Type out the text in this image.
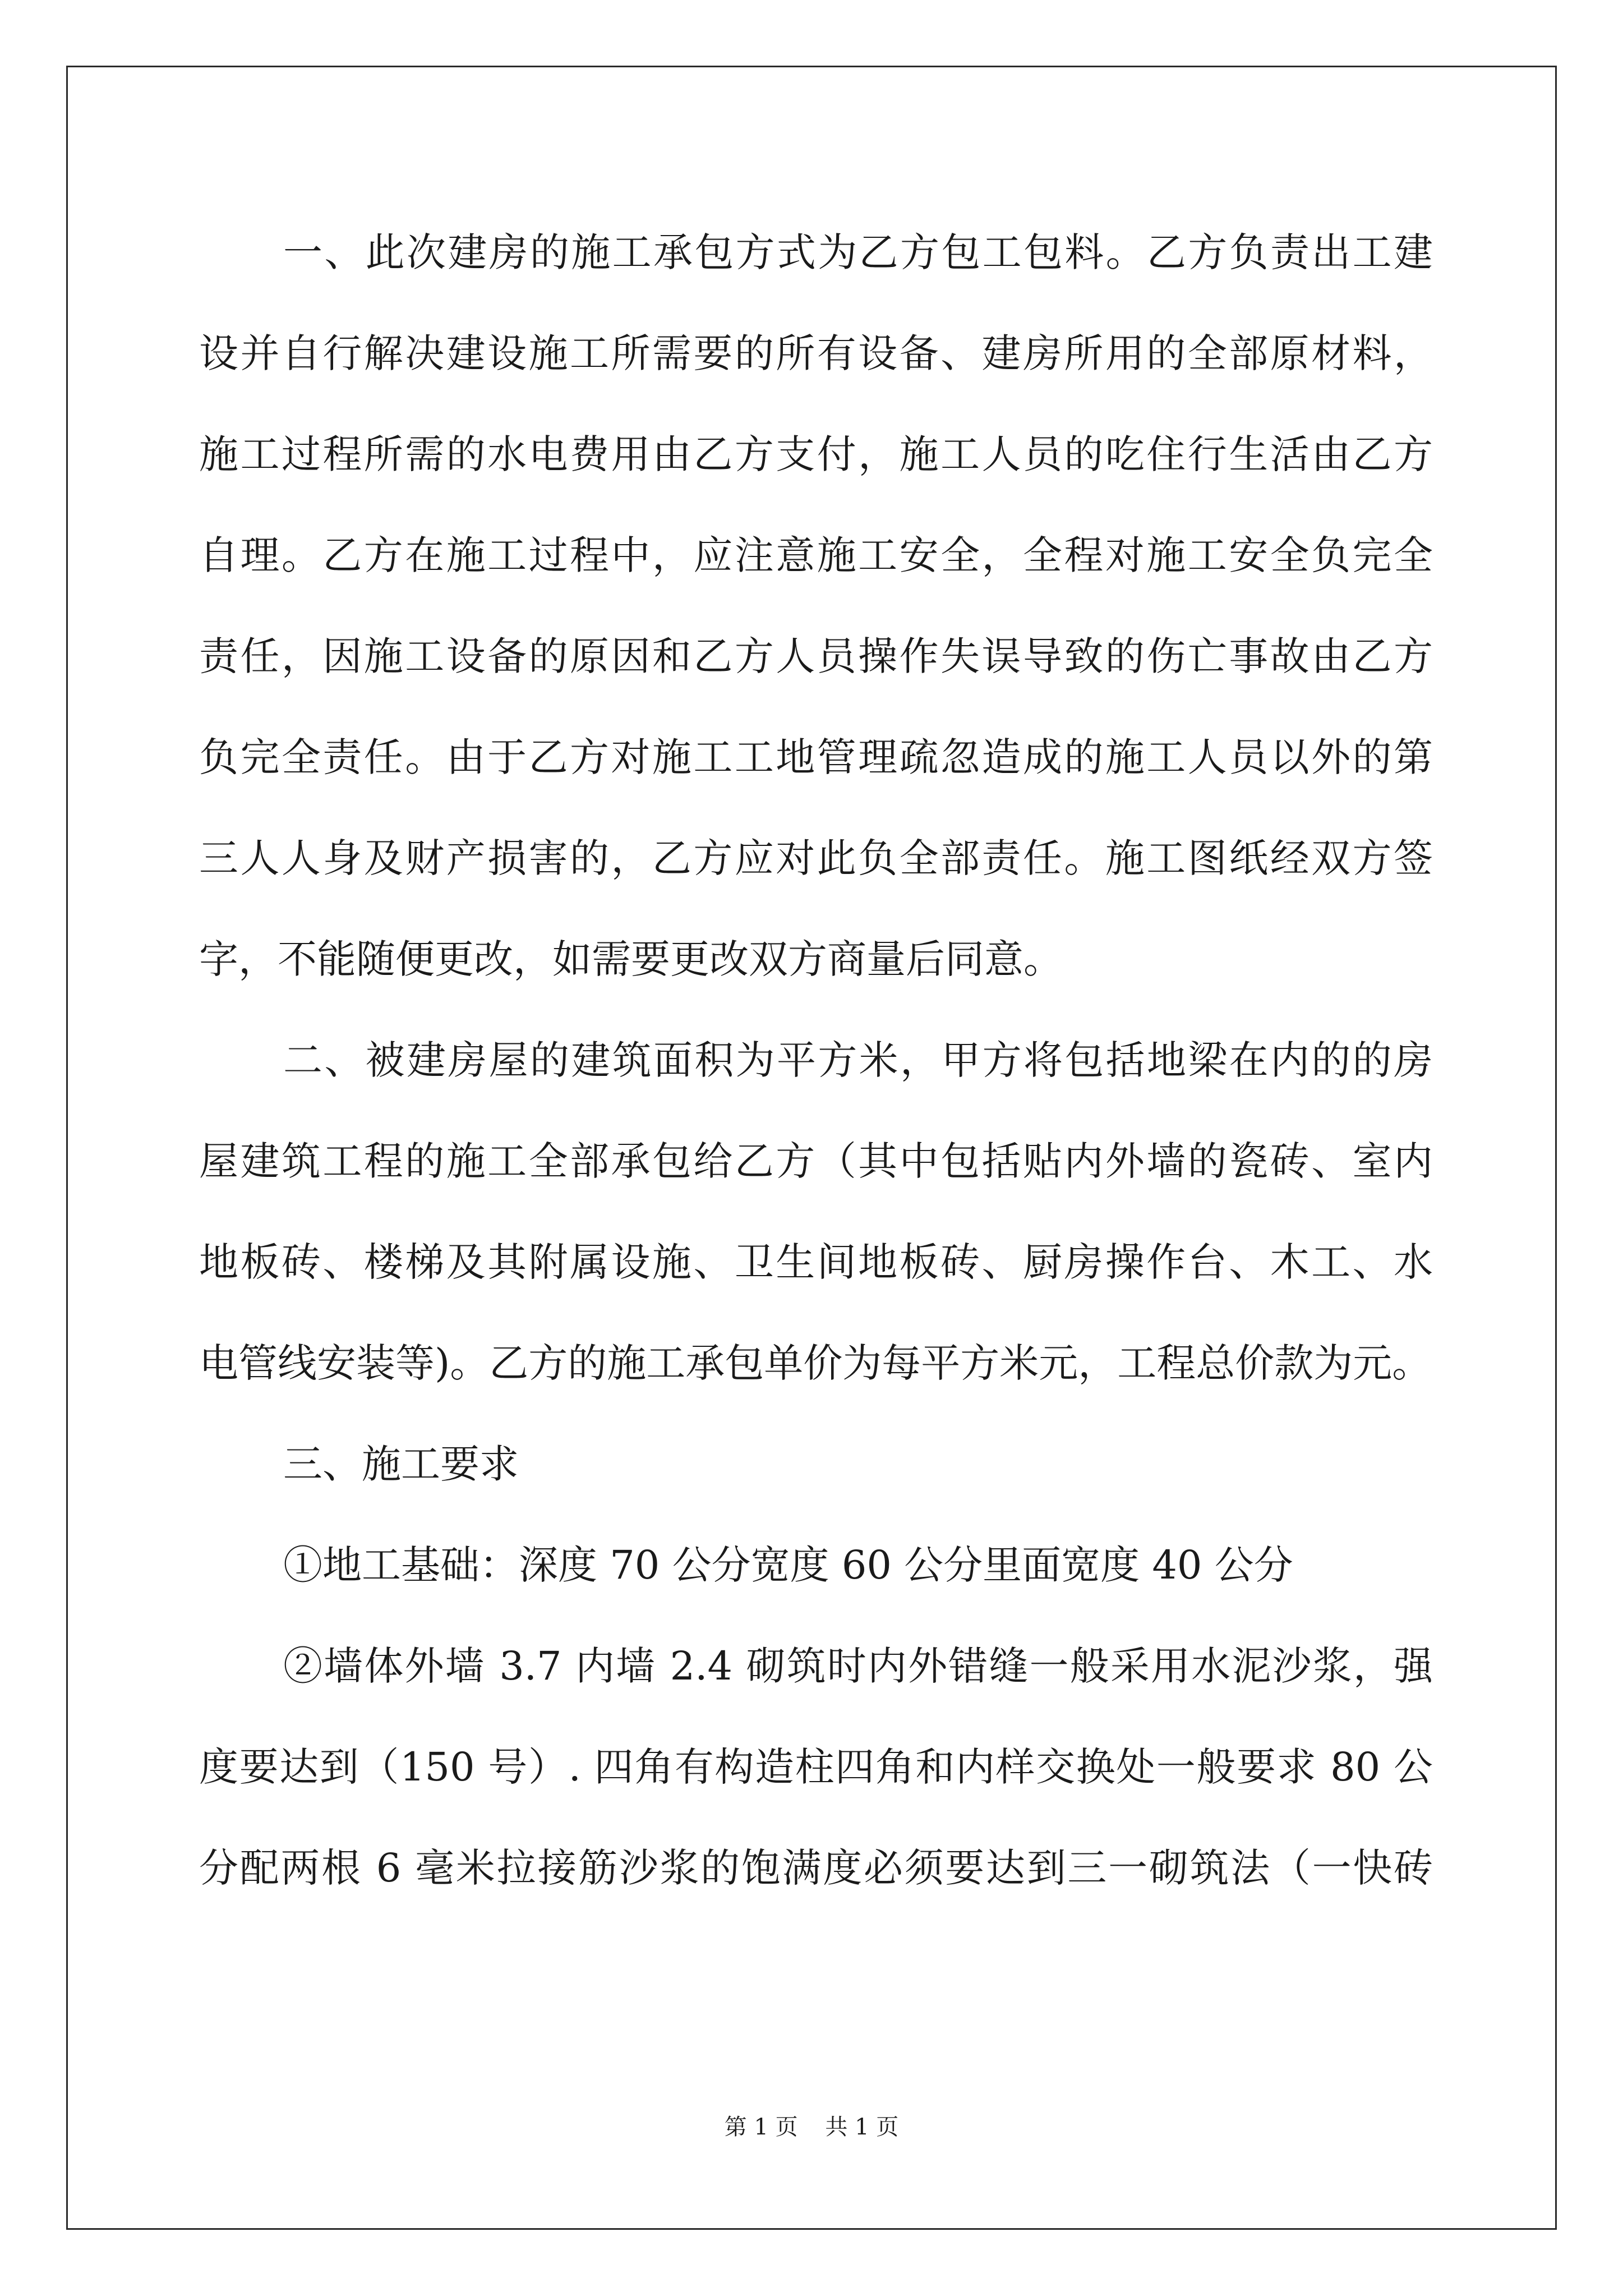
一、此次建房的施工承包方式为乙方包工包料。乙方负责出工建
设并自行解决建设施工所需要的所有设备、建房所用的全部原材料，
施工过程所需的水电费用由乙方支付，施工人员的吃住行生活由乙方
自理。乙方在施工过程中，应注意施工安全，全程对施工安全负完全
责任，因施工设备的原因和乙方人员操作失误导致的伤亡事故由乙方
负完全责任。由于乙方对施工工地管理疏忽造成的施工人员以外的第
三人人身及财产损害的，乙方应对此负全部责任。施工图纸经双方签
字，不能随便更改，如需要更改双方商量后同意。
二、被建房屋的建筑面积为平方米，甲方将包括地梁在内的的房
屋建筑工程的施工全部承包给乙方（其中包括贴内外墙的瓷砖、室内
地板砖、楼梯及其附属设施、卫生间地板砖、厨房操作台、木工、水
电管线安装等)。乙方的施工承包单价为每平方米元，工程总价款为元。
三、施工要求
①地工基础：深度 70 公分宽度 60 公分里面宽度 40 公分
②墙体外墙 3.7 内墙 2.4 砌筑时内外错缝一般采用水泥沙浆，强
度要达到（150 号）. 四角有构造柱四角和内样交换处一般要求 80 公
分配两根 6 毫米拉接筋沙浆的饱满度必须要达到三一砌筑法（一快砖
第 1 页 共 1 页
